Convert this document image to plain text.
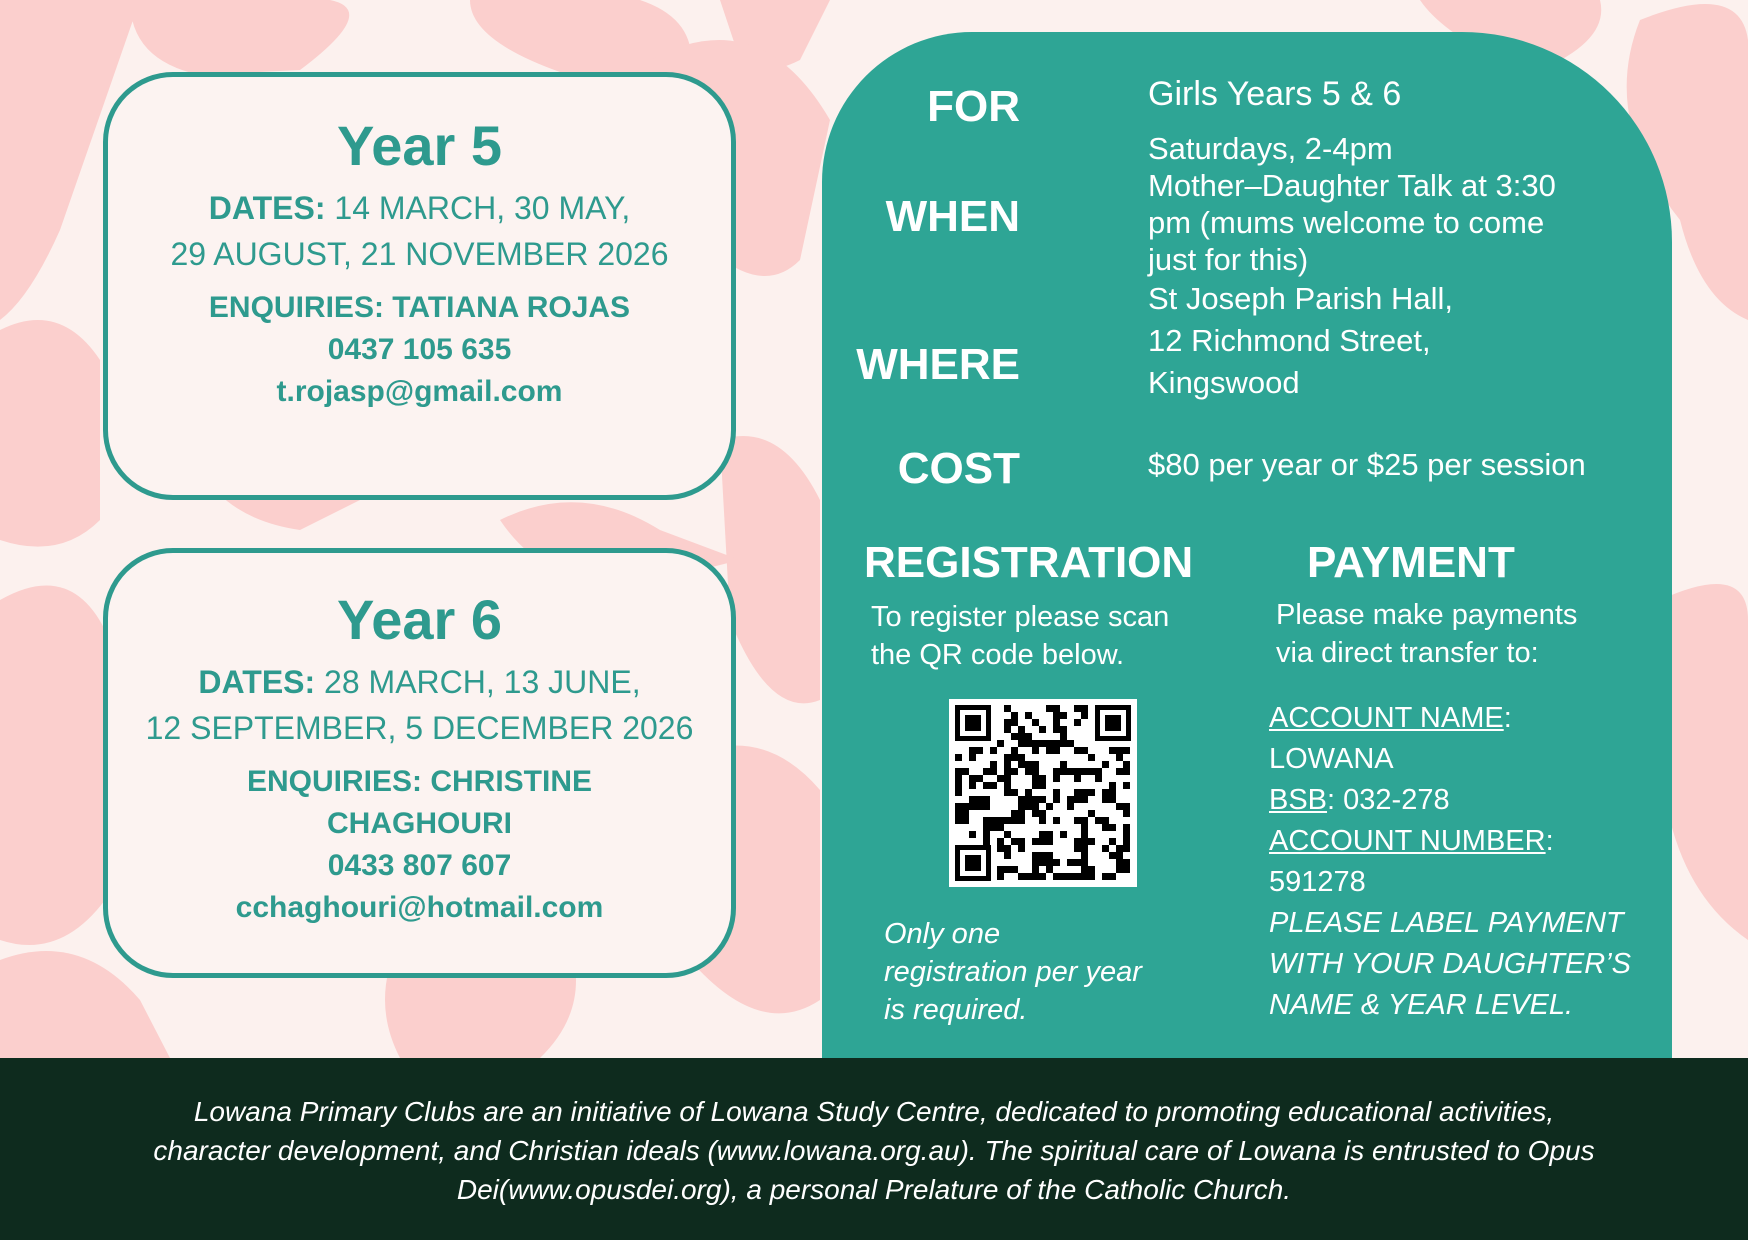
Year 5
DATES: 14 MARCH, 30 MAY,
29 AUGUST, 21 NOVEMBER 2026
ENQUIRIES: TATIANA ROJAS
0437 105 635
t.rojasp@gmail.com
Year 6
DATES: 28 MARCH, 13 JUNE,
12 SEPTEMBER, 5 DECEMBER 2026
ENQUIRIES: CHRISTINE
CHAGHOURI
0433 807 607
cchaghouri@hotmail.com
FOR	Girls Years 5 & 6
WHEN
Saturdays, 2-4pm
Mother–Daughter Talk at 3:30
pm (mums welcome to come
just for this)
WHERE
St Joseph Parish Hall,
12 Richmond Street,
Kingswood
COST	$80 per year or $25 per session
REGISTRATION
To register please scan
the QR code below.
Only one
registration per year
is required.
PAYMENT
Please make payments
via direct transfer to:
ACCOUNT NAME:
LOWANA
BSB: 032-278
ACCOUNT NUMBER:
591278
PLEASE LABEL PAYMENT
WITH YOUR DAUGHTER’S
NAME & YEAR LEVEL.
Lowana Primary Clubs are an initiative of Lowana Study Centre, dedicated to promoting educational activities,
character development, and Christian ideals (www.lowana.org.au). The spiritual care of Lowana is entrusted to Opus
Dei(www.opusdei.org), a personal Prelature of the Catholic Church.
